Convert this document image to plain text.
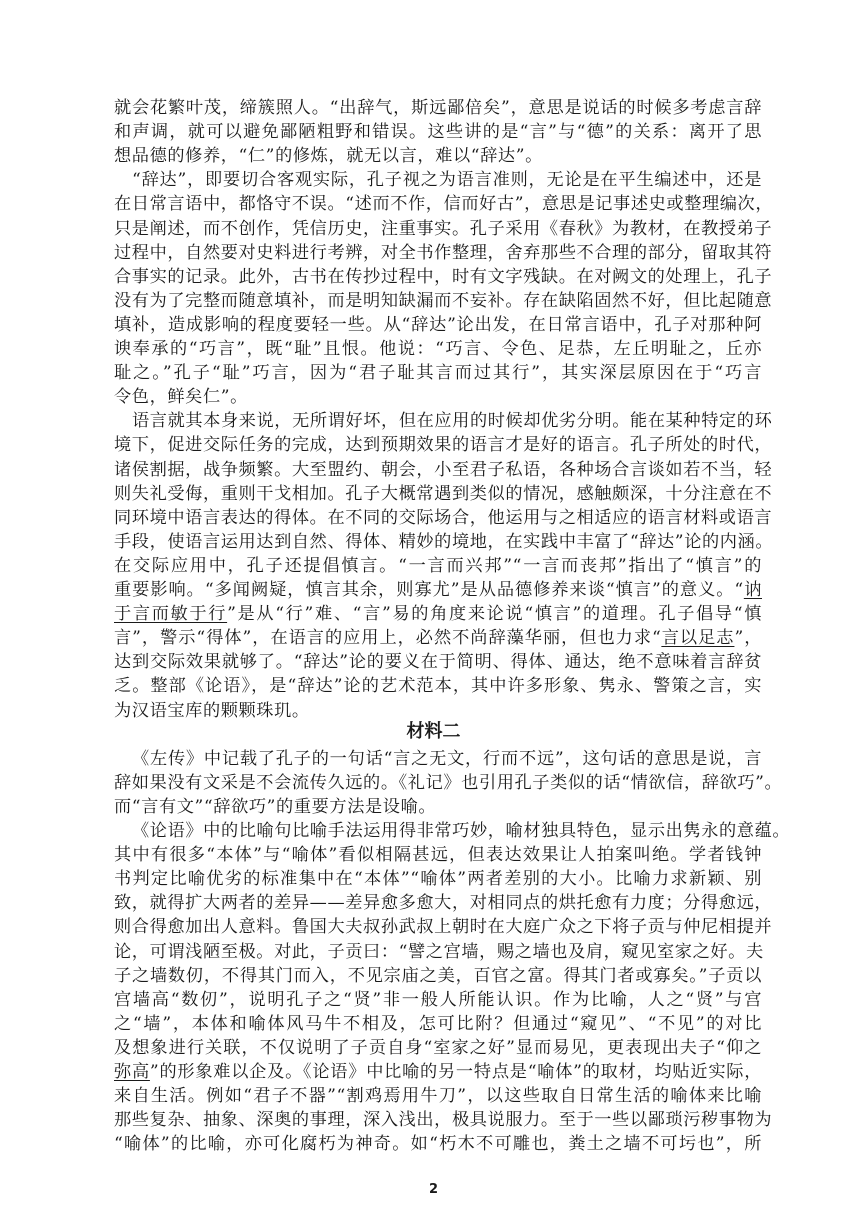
2
就会花繁叶茂，缔簇照人。“出辞气，斯远鄙倍矣”，意思是说话的时候多考虑言辞
和声调，就可以避免鄙陋粗野和错误。这些讲的是“言”与“德”的关系：离开了思
想品德的修养，“仁”的修炼，就无以言，难以“辞达”。
“辞达”，即要切合客观实际，孔子视之为语言准则，无论是在平生编述中，还是
在日常言语中，都恪守不误。“述而不作，信而好古”，意思是记事述史或整理编次，
只是阐述，而不创作，凭信历史，注重事实。孔子采用《春秋》为教材，在教授弟子
过程中，自然要对史料进行考辨，对全书作整理，舍弃那些不合理的部分，留取其符
合事实的记录。此外，古书在传抄过程中，时有文字残缺。在对阙文的处理上，孔子
没有为了完整而随意填补，而是明知缺漏而不妄补。存在缺陷固然不好，但比起随意
填补，造成影响的程度要轻一些。从“辞达”论出发，在日常言语中，孔子对那种阿
谀奉承的“巧言”，既“耻”且恨。他说：“巧言、令色、足恭，左丘明耻之，丘亦
耻之。”孔子“耻”巧言，因为“君子耻其言而过其行”，其实深层原因在于“巧言
令色，鲜矣仁”。
语言就其本身来说，无所谓好坏，但在应用的时候却优劣分明。能在某种特定的环
境下，促进交际任务的完成，达到预期效果的语言才是好的语言。孔子所处的时代，
诸侯割据，战争频繁。大至盟约、朝会，小至君子私语，各种场合言谈如若不当，轻
则失礼受侮，重则干戈相加。孔子大概常遇到类似的情况，感触颇深，十分注意在不
同环境中语言表达的得体。在不同的交际场合，他运用与之相适应的语言材料或语言
手段，使语言运用达到自然、得体、精妙的境地，在实践中丰富了“辞达”论的内涵。
在交际应用中，孔子还提倡慎言。“一言而兴邦”“一言而丧邦”指出了“慎言”的
重要影响。“多闻阙疑，慎言其余，则寡尤”是从品德修养来谈“慎言”的意义。“讷
于言而敏于行”是从“行”难、“言”易的角度来论说“慎言”的道理。孔子倡导“慎
言”，警示“得体”，在语言的应用上，必然不尚辞藻华丽，但也力求“言以足志”，
达到交际效果就够了。“辞达”论的要义在于简明、得体、通达，绝不意味着言辞贫
乏。整部《论语》，是“辞达”论的艺术范本，其中许多形象、隽永、警策之言，实
为汉语宝库的颗颗珠玑。
材料二
《左传》中记载了孔子的一句话“言之无文，行而不远”，这句话的意思是说，言
辞如果没有文采是不会流传久远的。《礼记》也引用孔子类似的话“情欲信，辞欲巧”。
而“言有文”“辞欲巧”的重要方法是设喻。
《论语》中的比喻句比喻手法运用得非常巧妙，喻材独具特色，显示出隽永的意蕴。
其中有很多“本体”与“喻体”看似相隔甚远，但表达效果让人拍案叫绝。学者钱钟
书判定比喻优劣的标准集中在“本体”“喻体”两者差别的大小。比喻力求新颖、别
致，就得扩大两者的差异——差异愈多愈大，对相同点的烘托愈有力度；分得愈远，
则合得愈加出人意料。鲁国大夫叔孙武叔上朝时在大庭广众之下将子贡与仲尼相提并
论，可谓浅陋至极。对此，子贡曰：“譬之宫墙，赐之墙也及肩，窥见室家之好。夫
子之墙数仞，不得其门而入，不见宗庙之美，百官之富。得其门者或寡矣。”子贡以
宫墙高“数仞”，说明孔子之“贤”非一般人所能认识。作为比喻，人之“贤”与宫
之“墙”，本体和喻体风马牛不相及，怎可比附？但通过“窥见”、“不见”的对比
及想象进行关联，不仅说明了子贡自身“室家之好”显而易见，更表现出夫子“仰之
弥高”的形象难以企及。《论语》中比喻的另一特点是“喻体”的取材，均贴近实际，
来自生活。例如“君子不器”“割鸡焉用牛刀”，以这些取自日常生活的喻体来比喻
那些复杂、抽象、深奥的事理，深入浅出，极具说服力。至于一些以鄙琐污秽事物为
“喻体”的比喻，亦可化腐朽为神奇。如“朽木不可雕也，粪土之墙不可圬也”，所
